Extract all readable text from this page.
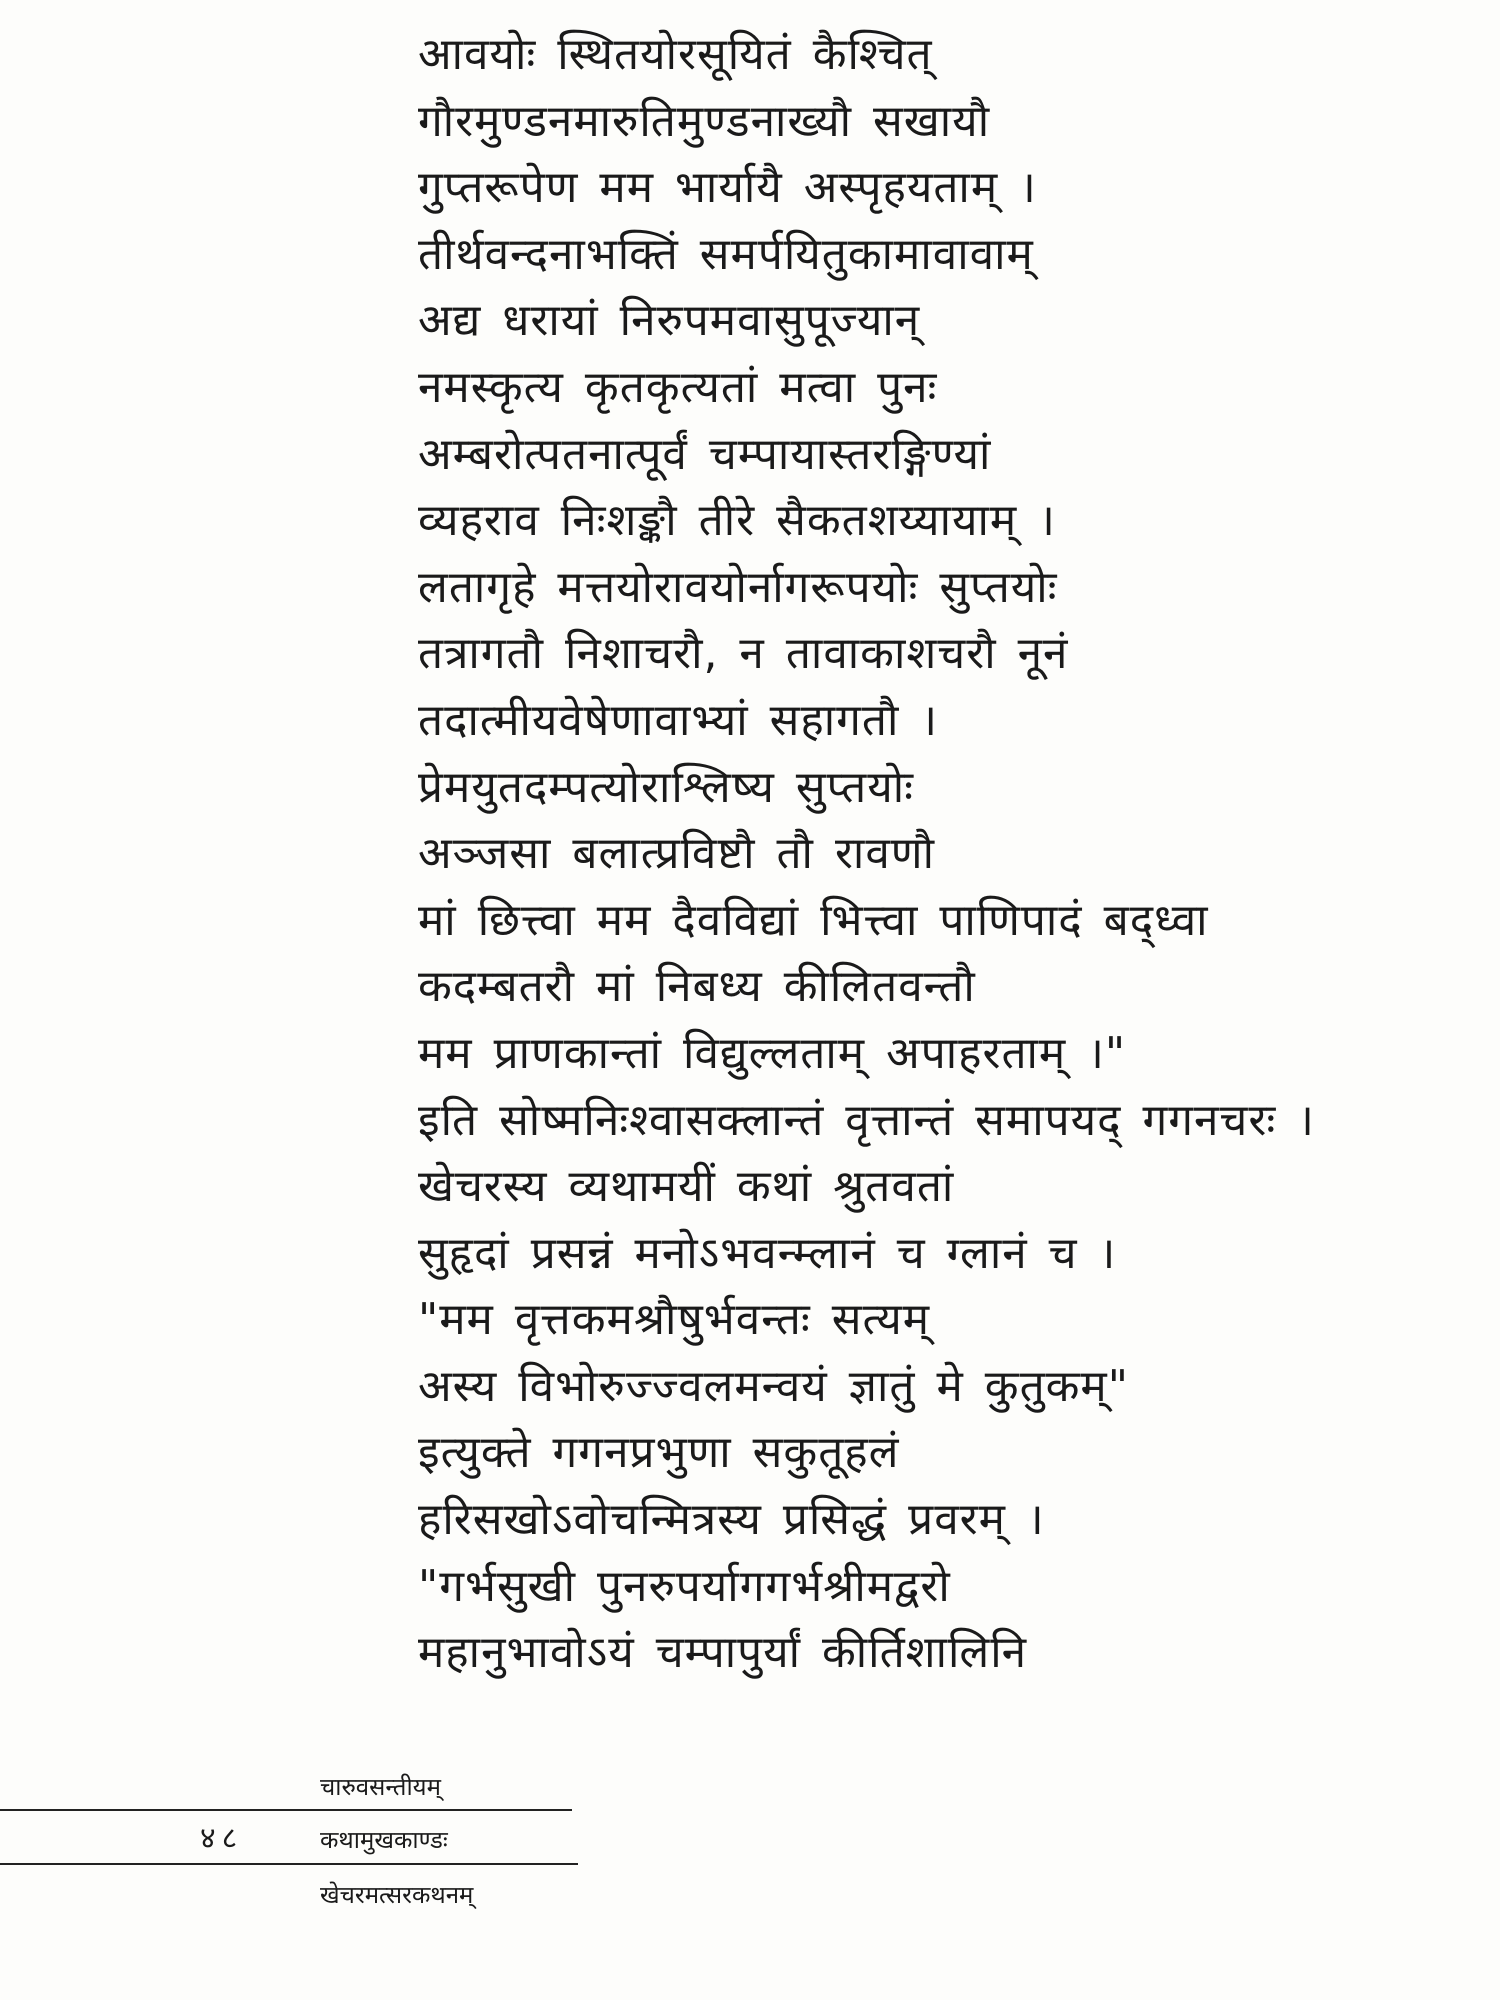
आवयोः स्थितयोरसूयितं कैश्चित्
गौरमुण्डनमारुतिमुण्डनाख्यौ सखायौ
गुप्तरूपेण मम भार्यायै अस्पृहयताम् ।
तीर्थवन्दनाभक्तिं समर्पयितुकामावावाम्
अद्य धरायां निरुपमवासुपूज्यान्
नमस्कृत्य कृतकृत्यतां मत्वा पुनः
अम्बरोत्पतनात्पूर्वं चम्पायास्तरङ्गिण्यां
व्यहराव निःशङ्कौ तीरे सैकतशय्यायाम् ।
लतागृहे मत्तयोरावयोर्नागरूपयोः सुप्तयोः
तत्रागतौ निशाचरौ, न तावाकाशचरौ नूनं
तदात्मीयवेषेणावाभ्यां सहागतौ ।
प्रेमयुतदम्पत्योराश्लिष्य सुप्तयोः
अञ्जसा बलात्प्रविष्टौ तौ रावणौ
मां छित्त्वा मम दैवविद्यां भित्त्वा पाणिपादं बद्ध्वा
कदम्बतरौ मां निबध्य कीलितवन्तौ
मम प्राणकान्तां विद्युल्लताम् अपाहरताम् ।"
इति सोष्मनिःश्वासक्लान्तं वृत्तान्तं समापयद् गगनचरः ।
खेचरस्य व्यथामयीं कथां श्रुतवतां
सुहृदां प्रसन्नं मनोऽभवन्म्लानं च ग्लानं च ।
"मम वृत्तकमश्रौषुर्भवन्तः सत्यम्
अस्य विभोरुज्ज्वलमन्वयं ज्ञातुं मे कुतुकम्"
इत्युक्ते गगनप्रभुणा सकुतूहलं
हरिसखोऽवोचन्मित्रस्य प्रसिद्धं प्रवरम् ।
"गर्भसुखी पुनरुपर्यागगर्भश्रीमद्वरो
महानुभावोऽयं चम्पापुर्यां कीर्तिशालिनि
चारुवसन्तीयम्
४८	कथामुखकाण्डः
खेचरमत्सरकथनम्
